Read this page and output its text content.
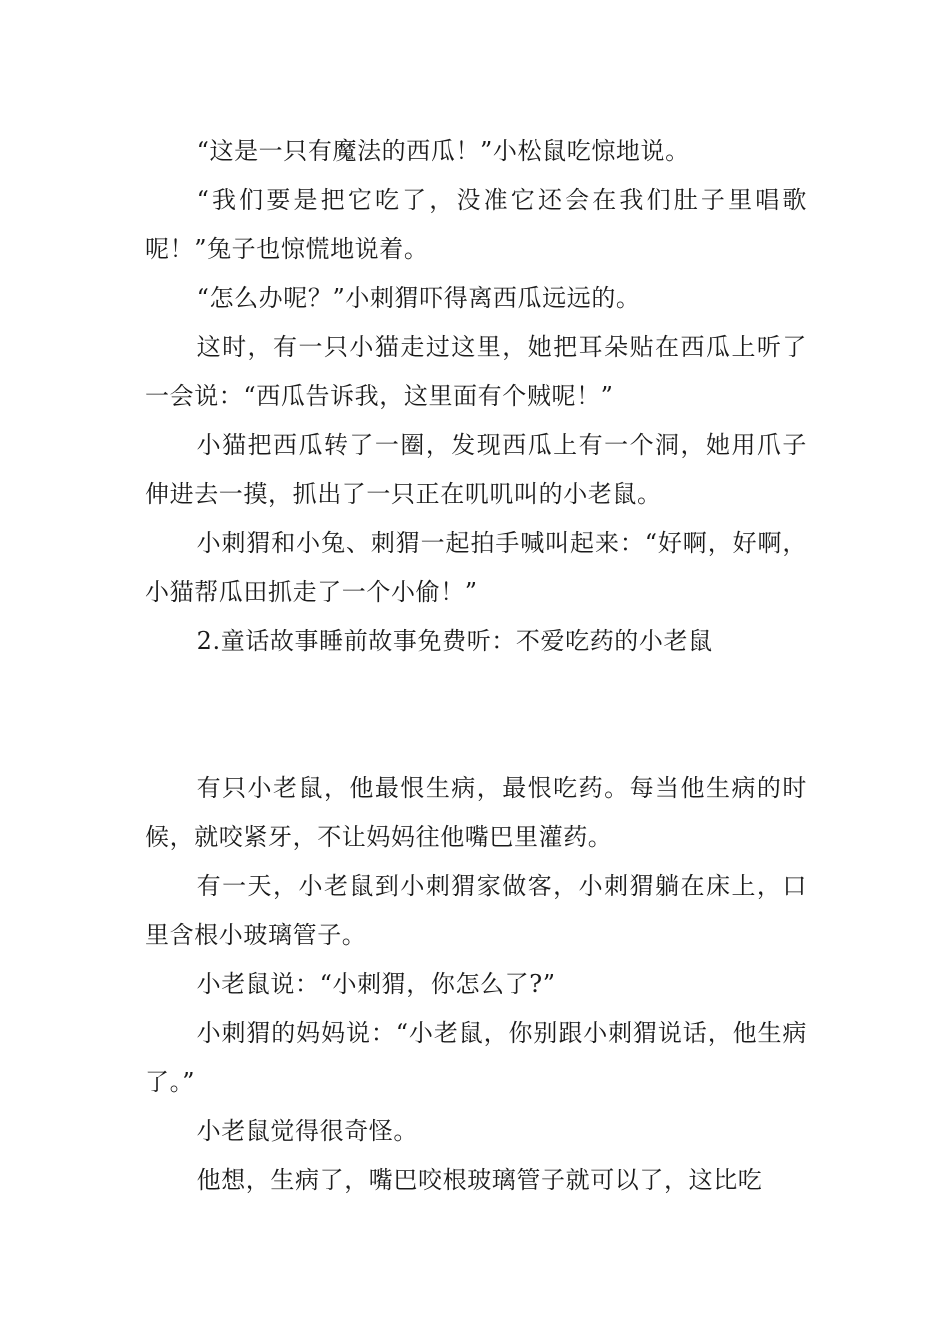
“这是一只有魔法的西瓜！”小松鼠吃惊地说。

“我们要是把它吃了，没准它还会在我们肚子里唱歌呢！”兔子也惊慌地说着。

“怎么办呢？”小刺猬吓得离西瓜远远的。

这时，有一只小猫走过这里，她把耳朵贴在西瓜上听了一会说：“西瓜告诉我，这里面有个贼呢！”

小猫把西瓜转了一圈，发现西瓜上有一个洞，她用爪子伸进去一摸，抓出了一只正在叽叽叫的小老鼠。

小刺猬和小兔、刺猬一起拍手喊叫起来：“好啊，好啊，小猫帮瓜田抓走了一个小偷！”

2.童话故事睡前故事免费听：不爱吃药的小老鼠

有只小老鼠，他最恨生病，最恨吃药。每当他生病的时候，就咬紧牙，不让妈妈往他嘴巴里灌药。

有一天，小老鼠到小刺猬家做客，小刺猬躺在床上，口里含根小玻璃管子。

小老鼠说：“小刺猬，你怎么了?”

小刺猬的妈妈说：“小老鼠，你别跟小刺猬说话，他生病了。”

小老鼠觉得很奇怪。

他想，生病了，嘴巴咬根玻璃管子就可以了，这比吃
